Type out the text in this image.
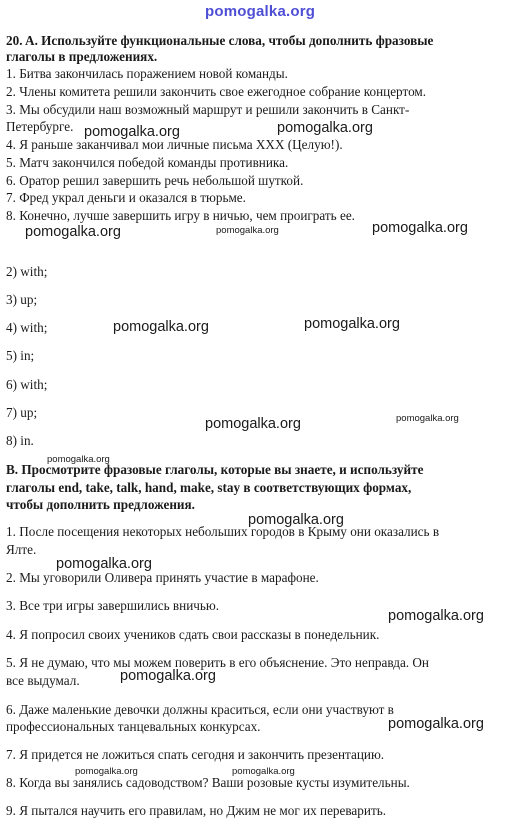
pomogalka.org
20. A. Используйте функциональные слова, чтобы дополнить фразовые
глаголы в предложениях.
1. Битва закончилась поражением новой команды.
2. Члены комитета решили закончить свое ежегодное собрание концертом.
3. Мы обсудили наш возможный маршрут и решили закончить в Санкт-
Петербурге.
4. Я раньше заканчивал мои личные письма XXX (Целую!).
5. Матч закончился победой команды противника.
6. Оратор решил завершить речь небольшой шуткой.
7. Фред украл деньги и оказался в тюрьме.
8. Конечно, лучше завершить игру в ничью, чем проиграть ее.
2) with;
3) up;
4) with;
5) in;
6) with;
7) up;
8) in.
B. Просмотрите фразовые глаголы, которые вы знаете, и используйте
глаголы end, take, talk, hand, make, stay в соответствующих формах,
чтобы дополнить предложения.
1. После посещения некоторых небольших городов в Крыму они оказались в
Ялте.
2. Мы уговорили Оливера принять участие в марафоне.
3. Все три игры завершились вничью.
4. Я попросил своих учеников сдать свои рассказы в понедельник.
5. Я не думаю, что мы можем поверить в его объяснение. Это неправда. Он
все выдумал.
6. Даже маленькие девочки должны краситься, если они участвуют в
профессиональных танцевальных конкурсах.
7. Я придется не ложиться спать сегодня и закончить презентацию.
8. Когда вы занялись садоводством? Ваши розовые кусты изумительны.
9. Я пытался научить его правилам, но Джим не мог их переварить.
pomogalka.org	pomogalka.org
pomogalka.org	pomogalka.org	pomogalka.org
pomogalka.org	pomogalka.org
pomogalka.org	pomogalka.org
pomogalka.org
pomogalka.org
pomogalka.org
pomogalka.org
pomogalka.org
pomogalka.org
pomogalka.org	pomogalka.org
